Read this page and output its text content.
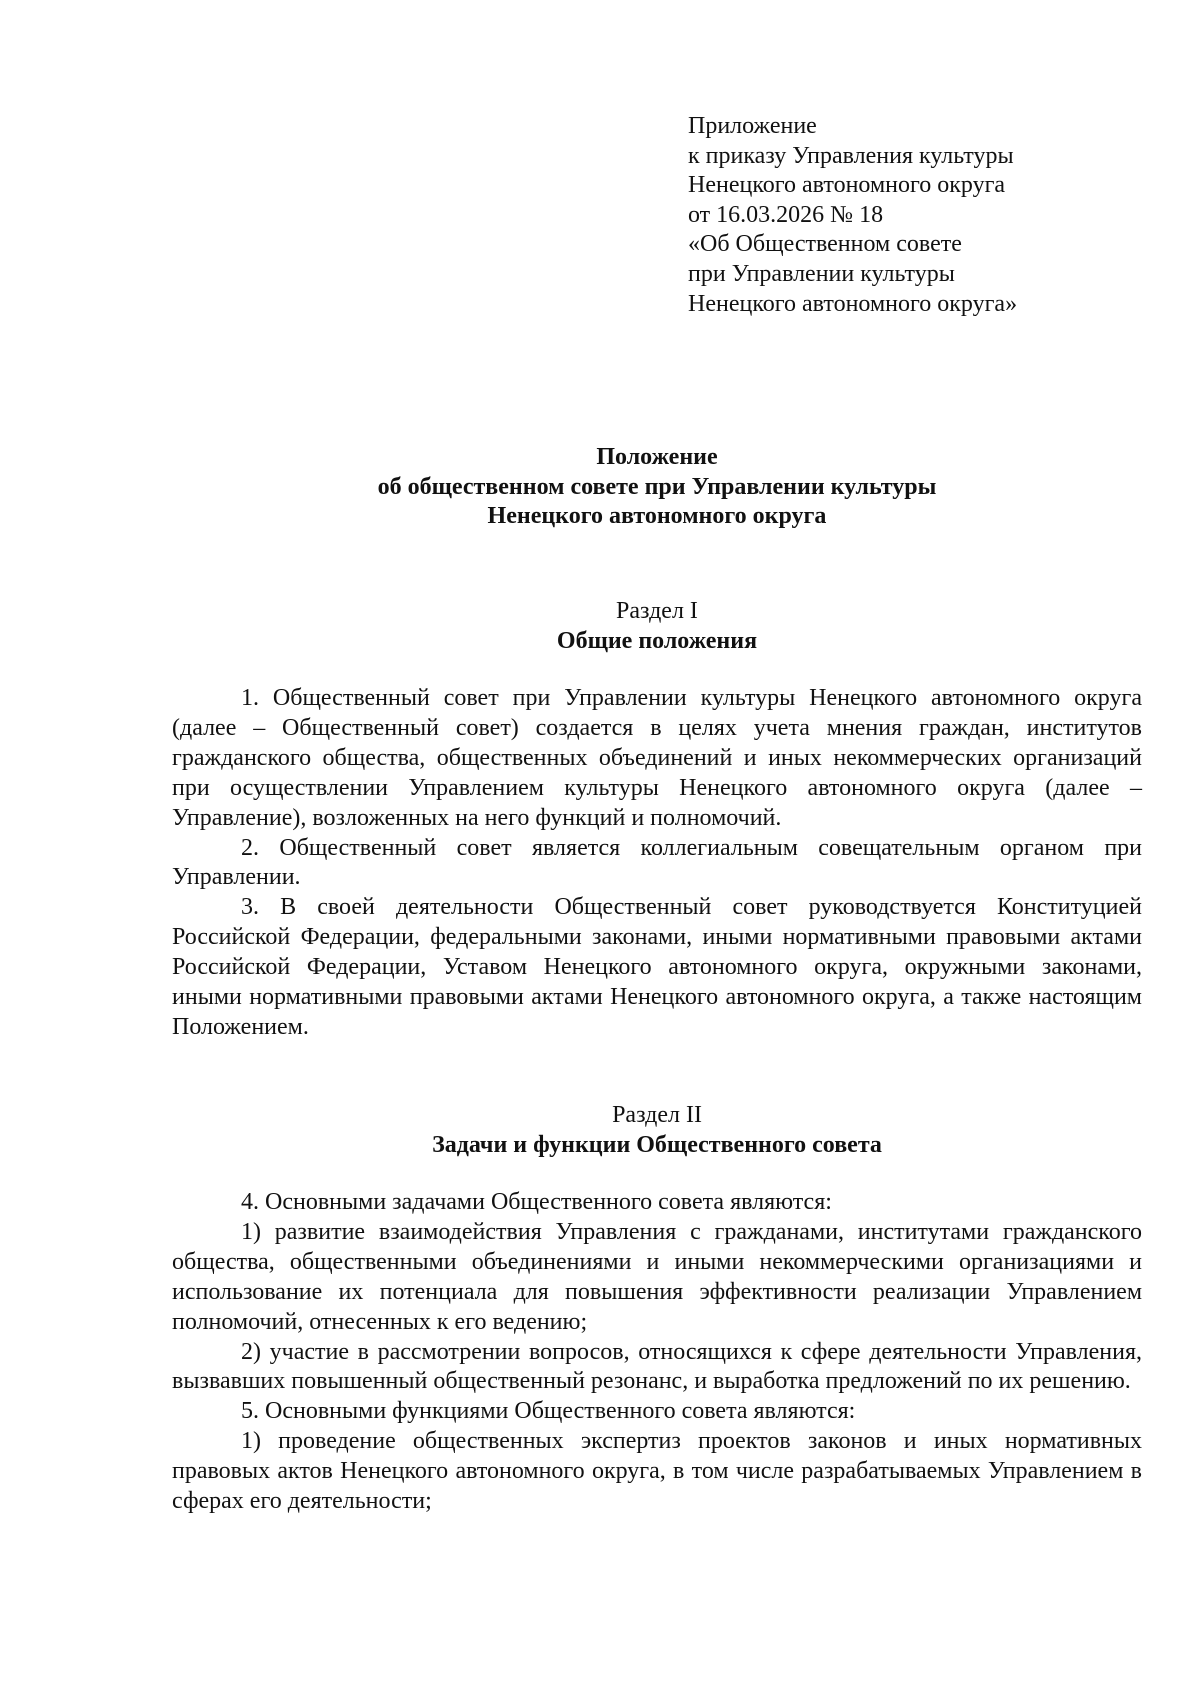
Приложение
к приказу Управления культуры
Ненецкого автономного округа
от 16.03.2026 № 18
«Об Общественном совете
при Управлении культуры
Ненецкого автономного округа»
Положение
об общественном совете при Управлении культуры
Ненецкого автономного округа
Раздел I
Общие положения

1. Общественный совет при Управлении культуры Ненецкого автономного округа (далее – Общественный совет) создается в целях учета мнения граждан, институтов гражданского общества, общественных объединений и иных некоммерческих организаций при осуществлении Управлением культуры Ненецкого автономного округа (далее – Управление), возложенных на него функций и полномочий.

2. Общественный совет является коллегиальным совещательным органом при Управлении.

3. В своей деятельности Общественный совет руководствуется Конституцией Российской Федерации, федеральными законами, иными нормативными правовыми актами Российской Федерации, Уставом Ненецкого автономного округа, окружными законами, иными нормативными правовыми актами Ненецкого автономного округа, а также настоящим Положением.

Раздел II
Задачи и функции Общественного совета

4. Основными задачами Общественного совета являются:

1) развитие взаимодействия Управления с гражданами, институтами гражданского общества, общественными объединениями и иными некоммерческими организациями и использование их потенциала для повышения эффективности реализации Управлением полномочий, отнесенных к его ведению;

2) участие в рассмотрении вопросов, относящихся к сфере деятельности Управления, вызвавших повышенный общественный резонанс, и выработка предложений по их решению.

5. Основными функциями Общественного совета являются:

1) проведение общественных экспертиз проектов законов и иных нормативных правовых актов Ненецкого автономного округа, в том числе разрабатываемых Управлением в сферах его деятельности;
